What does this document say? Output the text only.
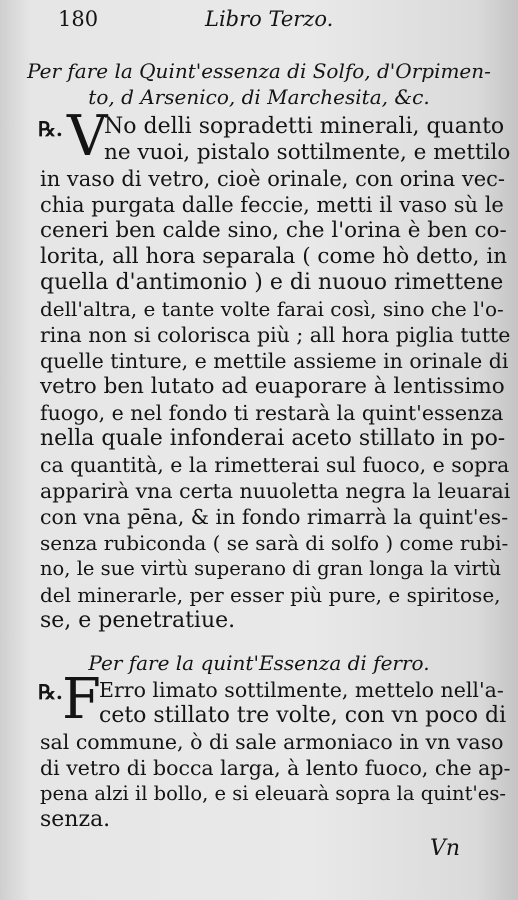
180	Libro Terzo.
Per fare la Quint'essenza di Solfo, d'Orpimen-
to, d Arsenico, di Marchesita, &c.
℞. V
No delli sopradetti minerali, quanto
ne vuoi, pistalo sottilmente, e mettilo
in vaso di vetro, cioè orinale, con orina vec-
chia purgata dalle feccie, metti il vaso sù le
ceneri ben calde sino, che l'orina è ben co-
lorita, all hora separala ( come hò detto, in
quella d'antimonio ) e di nuouo rimettene
dell'altra, e tante volte farai così, sino che l'o-
rina non si colorisca più ; all hora piglia tutte
quelle tinture, e mettile assieme in orinale di
vetro ben lutato ad euaporare à lentissimo
fuogo, e nel fondo ti restarà la quint'essenza
nella quale infonderai aceto stillato in po-
ca quantità, e la rimetterai sul fuoco, e sopra
apparirà vna certa nuuoletta negra la leuarai
con vna pēna, & in fondo rimarrà la quint'es-
senza rubiconda ( se sarà di solfo ) come rubi-
no, le sue virtù superano di gran longa la virtù
del minerarle, per esser più pure, e spiritose,
se, e penetratiue.
Per fare la quint'Essenza di ferro.
℞. F
Erro limato sottilmente, mettelo nell'a-
ceto stillato tre volte, con vn poco di
sal commune, ò di sale armoniaco in vn vaso
di vetro di bocca larga, à lento fuoco, che ap-
pena alzi il bollo, e si eleuarà sopra la quint'es-
senza.
Vn
